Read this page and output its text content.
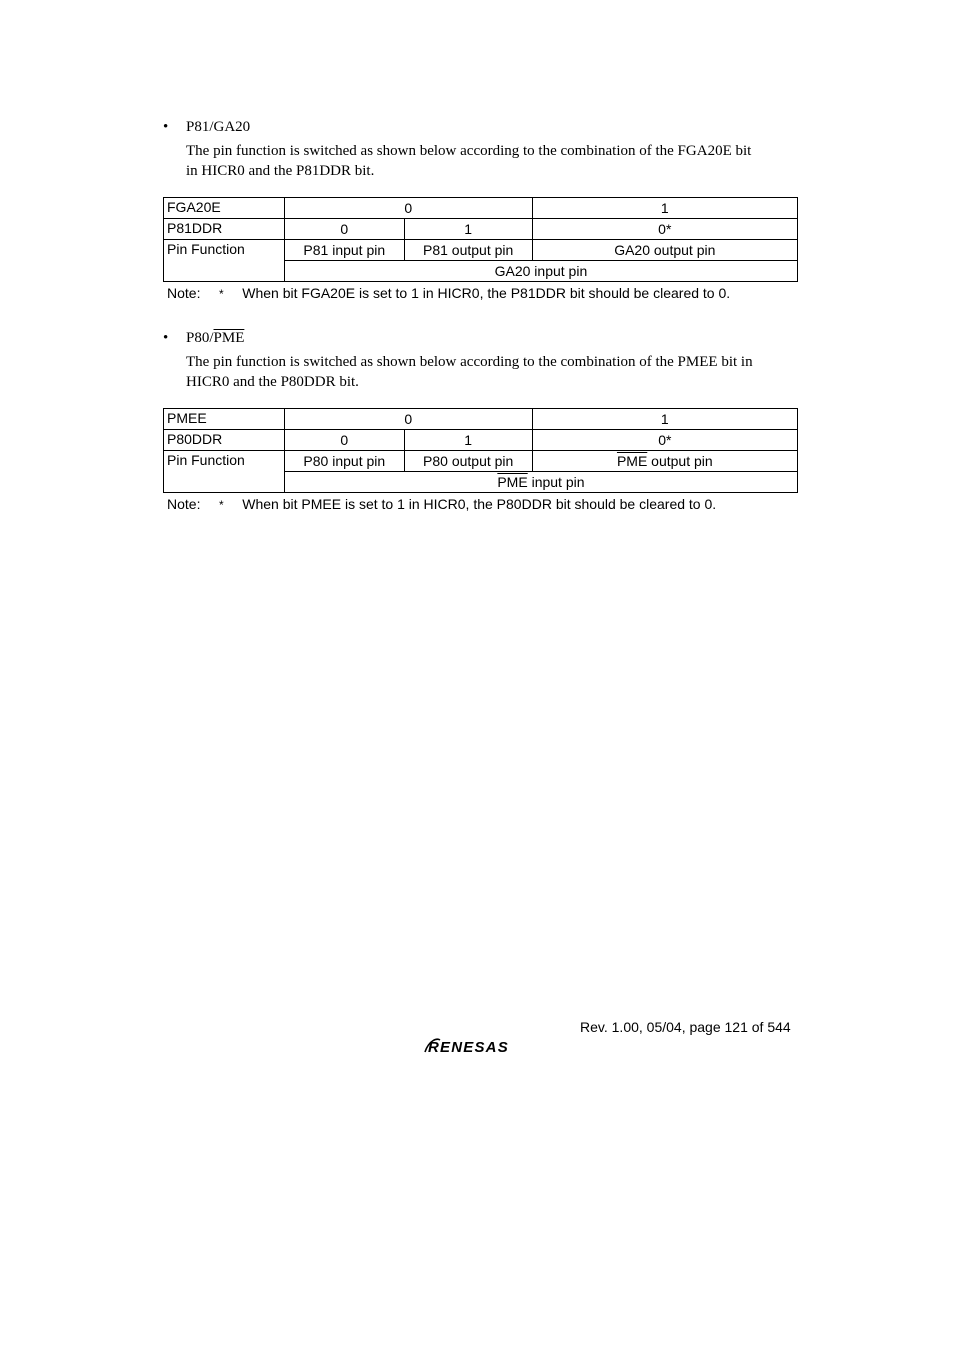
•	P81/GA20
The pin function is switched as shown below according to the combination of the FGA20E bit
in HICR0 and the P81DDR bit.
FGA20E	0		1
P81DDR	0	1	0*
Pin Function	P81 input pin	P81 output pin	GA20 output pin
	GA20 input pin		
Note: * When bit FGA20E is set to 1 in HICR0, the P81DDR bit should be cleared to 0.
•	$P80/\overline{PME}$
The pin function is switched as shown below according to the combination of the PMEE bit in
HICR0 and the P80DDR bit.
PMEE	0		1
P80DDR	0	1	0*
Pin Function	P80 input pin	P80 output pin	$\overline{PME}$ output pin
	$\overline{PME}$ input pin		
Note: * When bit PMEE is set to 1 in HICR0, the P80DDR bit should be cleared to 0.
Rev. 1.00, 05/04, page 121 of 544
RENESAS
